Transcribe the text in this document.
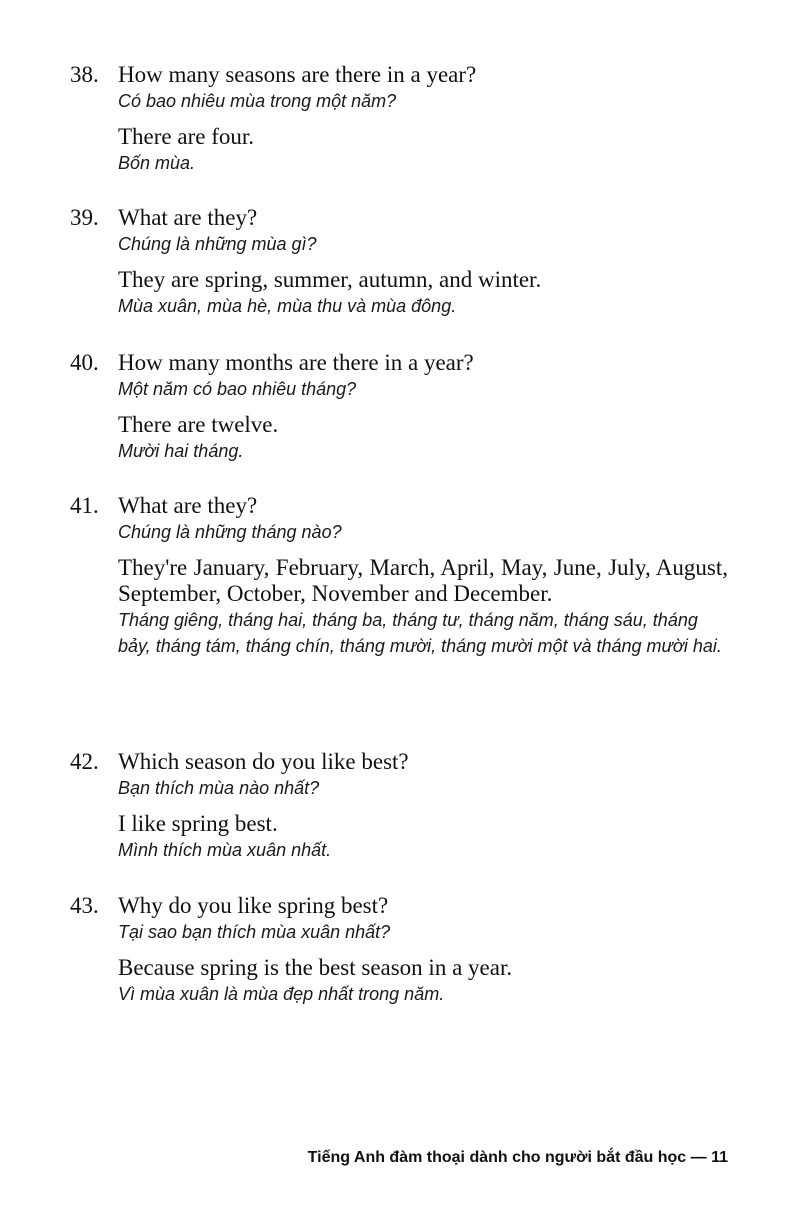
38. How many seasons are there in a year?

Có bao nhiêu mùa trong một năm?

There are four.

Bốn mùa.

39. What are they?

Chúng là những mùa gì?

They are spring, summer, autumn, and winter.

Mùa xuân, mùa hè, mùa thu và mùa đông.

40. How many months are there in a year?

Một năm có bao nhiêu tháng?

There are twelve.

Mười hai tháng.

41. What are they?

Chúng là những tháng nào?

They're January, February, March, April, May, June, July, August, September, October, November and December.

Tháng giêng, tháng hai, tháng ba, tháng tư, tháng năm, tháng sáu, tháng bảy, tháng tám, tháng chín, tháng mười, tháng mười một và tháng mười hai.

42. Which season do you like best?

Bạn thích mùa nào nhất?

I like spring best.

Mình thích mùa xuân nhất.

43. Why do you like spring best?

Tại sao bạn thích mùa xuân nhất?

Because spring is the best season in a year.

Vì mùa xuân là mùa đẹp nhất trong năm.

Tiếng Anh đàm thoại dành cho người bắt đầu học — 11
